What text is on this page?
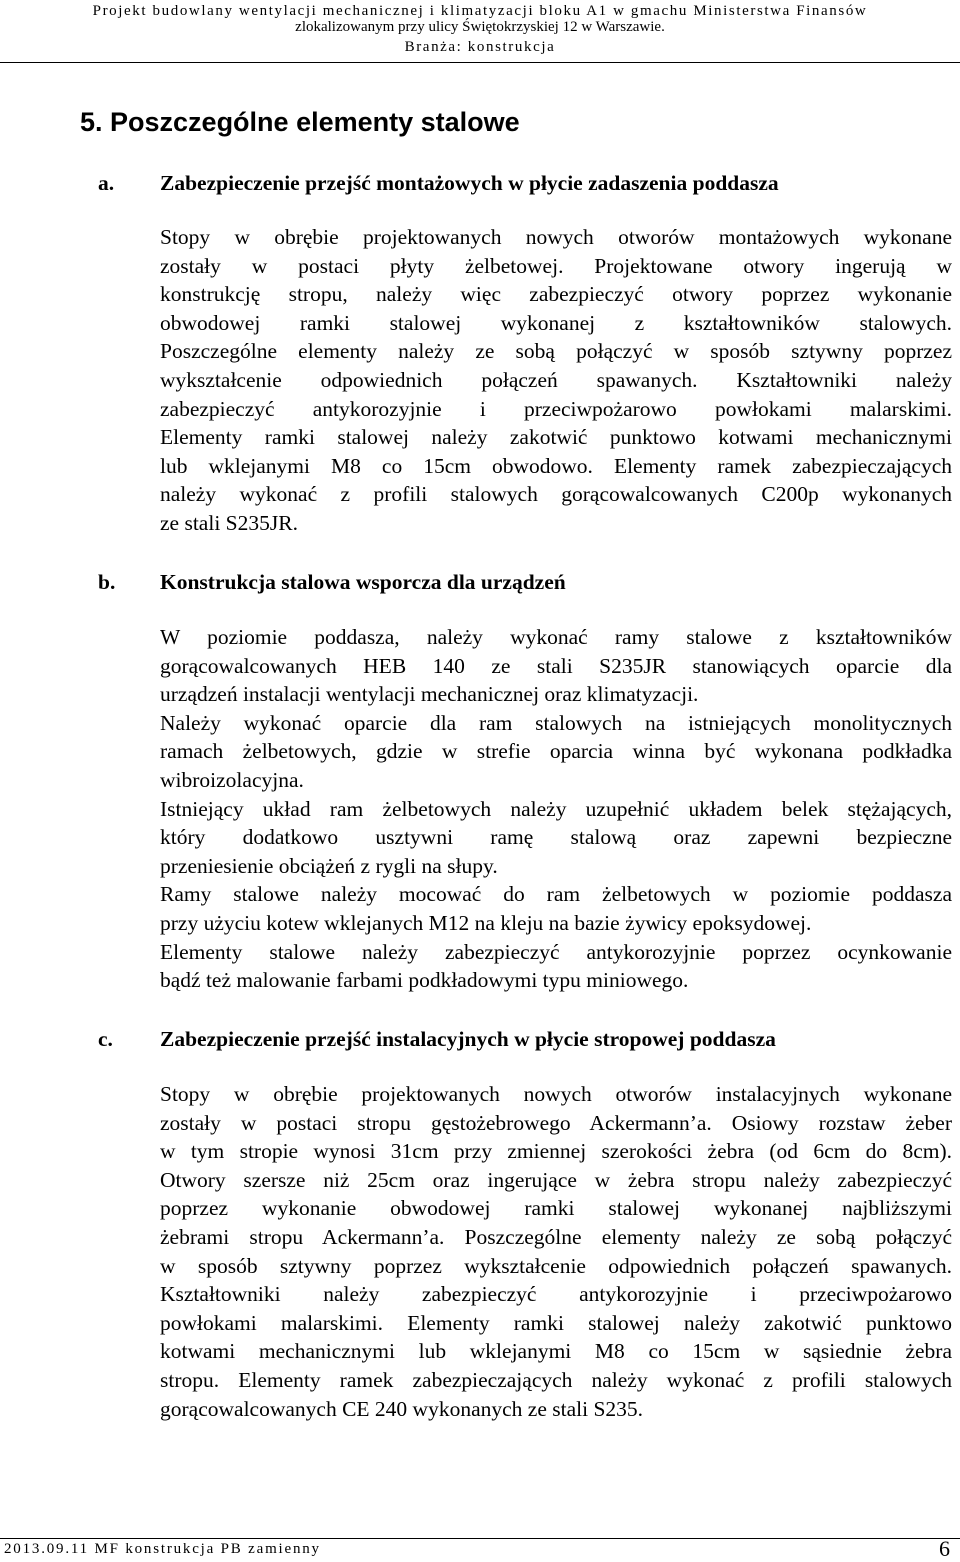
Projekt budowlany wentylacji mechanicznej i klimatyzacji bloku A1 w gmachu Ministerstwa Finansów
zlokalizowanym przy ulicy Świętokrzyskiej 12 w Warszawie.
Branża: konstrukcja
5. Poszczególne elementy stalowe
a. Zabezpieczenie przejść montażowych w płycie zadaszenia poddasza
Stopy w obrębie projektowanych nowych otworów montażowych wykonane
zostały w postaci płyty żelbetowej. Projektowane otwory ingerują w
konstrukcję stropu, należy więc zabezpieczyć otwory poprzez wykonanie
obwodowej ramki stalowej wykonanej z kształtowników stalowych.
Poszczególne elementy należy ze sobą połączyć w sposób sztywny poprzez
wykształcenie odpowiednich połączeń spawanych. Kształtowniki należy
zabezpieczyć antykorozyjnie i przeciwpożarowo powłokami malarskimi.
Elementy ramki stalowej należy zakotwić punktowo kotwami mechanicznymi
lub wklejanymi M8 co 15cm obwodowo. Elementy ramek zabezpieczających
należy wykonać z profili stalowych gorącowalcowanych C200p wykonanych
ze stali S235JR.
b. Konstrukcja stalowa wsporcza dla urządzeń
W poziomie poddasza, należy wykonać ramy stalowe z kształtowników
gorącowalcowanych HEB 140 ze stali S235JR stanowiących oparcie dla
urządzeń instalacji wentylacji mechanicznej oraz klimatyzacji.
Należy wykonać oparcie dla ram stalowych na istniejących monolitycznych
ramach żelbetowych, gdzie w strefie oparcia winna być wykonana podkładka
wibroizolacyjna.
Istniejący układ ram żelbetowych należy uzupełnić układem belek stężających,
który dodatkowo usztywni ramę stalową oraz zapewni bezpieczne
przeniesienie obciążeń z rygli na słupy.
Ramy stalowe należy mocować do ram żelbetowych w poziomie poddasza
przy użyciu kotew wklejanych M12 na kleju na bazie żywicy epoksydowej.
Elementy stalowe należy zabezpieczyć antykorozyjnie poprzez ocynkowanie
bądź też malowanie farbami podkładowymi typu miniowego.
c. Zabezpieczenie przejść instalacyjnych w płycie stropowej poddasza
Stopy w obrębie projektowanych nowych otworów instalacyjnych wykonane
zostały w postaci stropu gęstożebrowego Ackermann’a. Osiowy rozstaw żeber
w tym stropie wynosi 31cm przy zmiennej szerokości żebra (od 6cm do 8cm).
Otwory szersze niż 25cm oraz ingerujące w żebra stropu należy zabezpieczyć
poprzez wykonanie obwodowej ramki stalowej wykonanej najbliższymi
żebrami stropu Ackermann’a. Poszczególne elementy należy ze sobą połączyć
w sposób sztywny poprzez wykształcenie odpowiednich połączeń spawanych.
Kształtowniki należy zabezpieczyć antykorozyjnie i przeciwpożarowo
powłokami malarskimi. Elementy ramki stalowej należy zakotwić punktowo
kotwami mechanicznymi lub wklejanymi M8 co 15cm w sąsiednie żebra
stropu. Elementy ramek zabezpieczających należy wykonać z profili stalowych
gorącowalcowanych CE 240 wykonanych ze stali S235.
2013.09.11 MF konstrukcja PB zamienny	6
